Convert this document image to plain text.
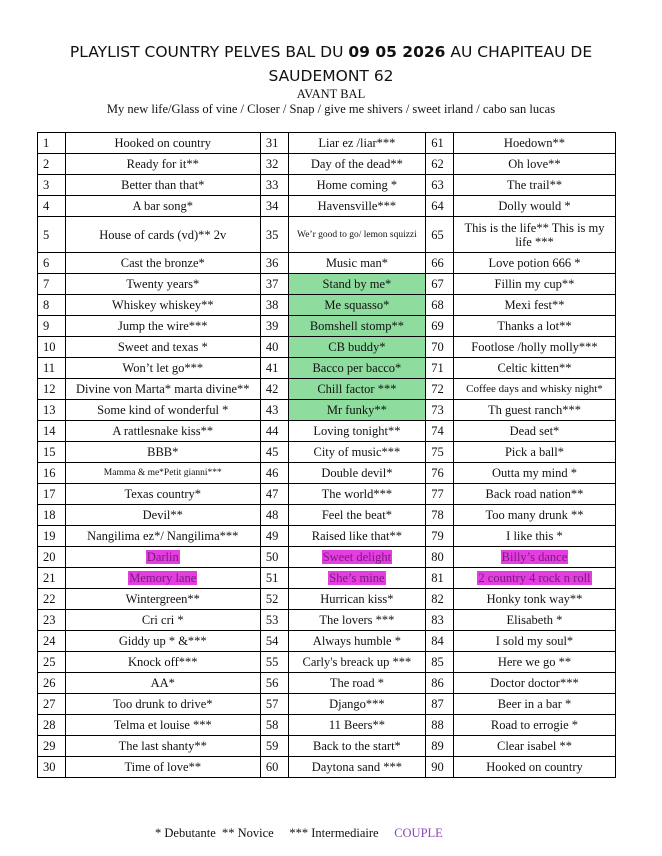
PLAYLIST COUNTRY PELVES BAL DU 09 05 2026 AU CHAPITEAU DE
SAUDEMONT 62
AVANT BAL
My new life/Glass of vine / Closer / Snap / give me shivers / sweet irland / cabo san lucas
1	Hooked on country	31	Liar ez /liar***	61	Hoedown**
2	Ready for it**	32	Day of the dead**	62	Oh love**
3	Better than that*	33	Home coming *	63	The trail**
4	A bar song*	34	Havensville***	64	Dolly would *
5	House of cards (vd)** 2v	35	We’r good to go/ lemon squizzi	65	This is the life** This is my life ***
6	Cast the bronze*	36	Music man*	66	Love potion 666 *
7	Twenty years*	37	Stand by me*	67	Fillin my cup**
8	Whiskey whiskey**	38	Me squasso*	68	Mexi fest**
9	Jump the wire***	39	Bomshell stomp**	69	Thanks a lot**
10	Sweet and texas *	40	CB buddy*	70	Footlose /holly molly***
11	Won’t let go***	41	Bacco per bacco*	71	Celtic kitten**
12	Divine von Marta* marta divine**	42	Chill factor ***	72	Coffee days and whisky night*
13	Some kind of wonderful *	43	Mr funky**	73	Th guest ranch***
14	A rattlesnake kiss**	44	Loving tonight**	74	Dead set*
15	BBB*	45	City of music***	75	Pick a ball*
16	Mamma & me*Petit gianni***	46	Double devil*	76	Outta my mind *
17	Texas country*	47	The world***	77	Back road nation**
18	Devil**	48	Feel the beat*	78	Too many drunk **
19	Nangilima ez*/ Nangilima***	49	Raised like that**	79	I like this *
20	Darlin	50	Sweet delight	80	Billy’s dance
21	Memory lane	51	She’s mine	81	2 country 4 rock n roll
22	Wintergreen**	52	Hurrican kiss*	82	Honky tonk way**
23	Cri cri *	53	The lovers ***	83	Elisabeth *
24	Giddy up * &***	54	Always humble *	84	I sold my soul*
25	Knock off***	55	Carly's breack up ***	85	Here we go **
26	AA*	56	The road *	86	Doctor doctor***
27	Too drunk to drive*	57	Django***	87	Beer in a bar *
28	Telma et louise ***	58	11 Beers**	88	Road to errogie *
29	The last shanty**	59	Back to the start*	89	Clear isabel **
30	Time of love**	60	Daytona sand ***	90	Hooked on country
* Debutante ** Novice *** Intermediaire COUPLE
